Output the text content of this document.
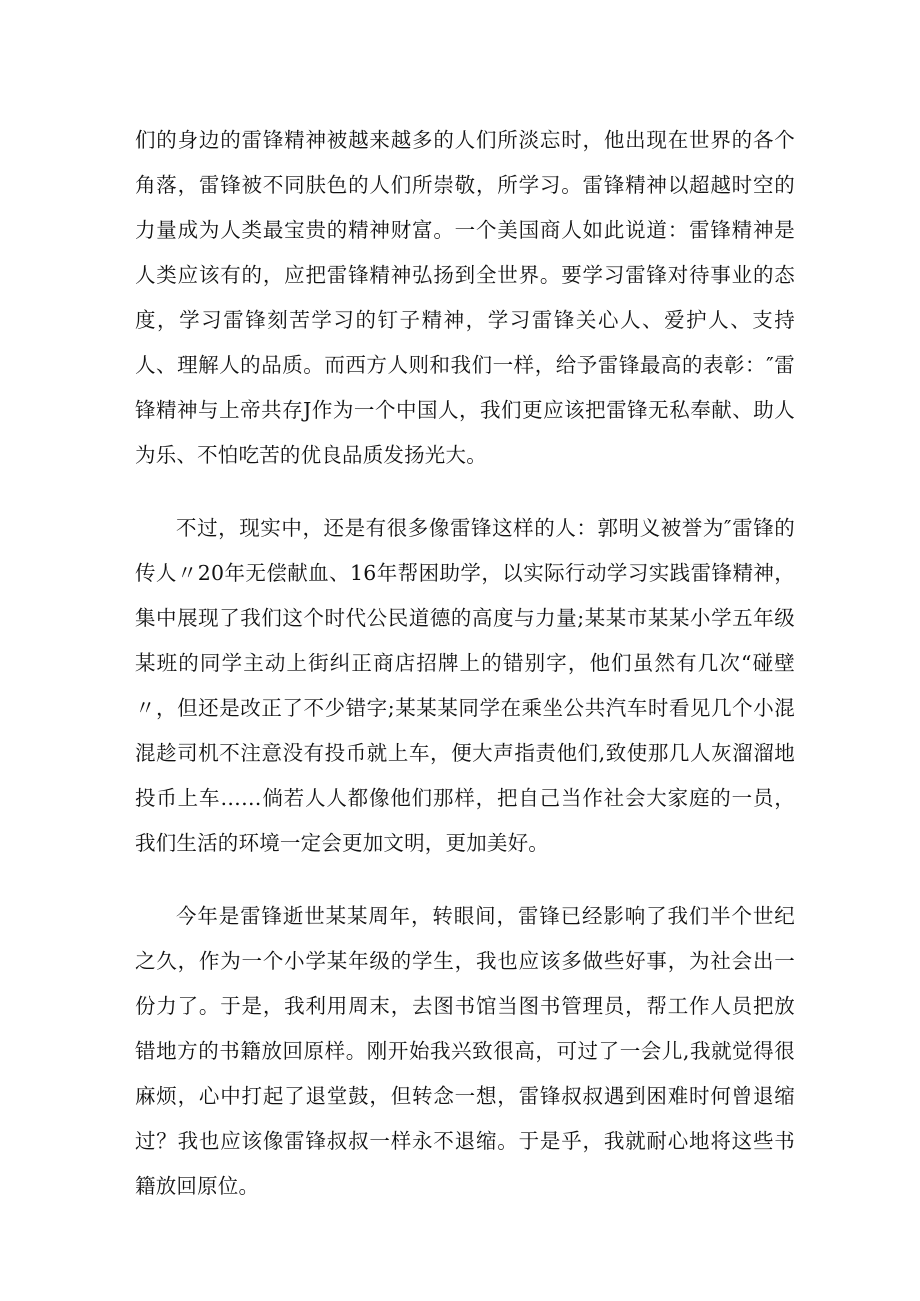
们的身边的雷锋精神被越来越多的人们所淡忘时，他出现在世界的各个角落，雷锋被不同肤色的人们所崇敬，所学习。雷锋精神以超越时空的力量成为人类最宝贵的精神财富。一个美国商人如此说道：雷锋精神是人类应该有的，应把雷锋精神弘扬到全世界。要学习雷锋对待事业的态度，学习雷锋刻苦学习的钉子精神，学习雷锋关心人、爱护人、支持人、理解人的品质。而西方人则和我们一样，给予雷锋最高的表彰：″雷锋精神与上帝共存J作为一个中国人，我们更应该把雷锋无私奉献、助人为乐、不怕吃苦的优良品质发扬光大。

不过，现实中，还是有很多像雷锋这样的人：郭明义被誉为″雷锋的传人〃20年无偿献血、16年帮困助学，以实际行动学习实践雷锋精神，集中展现了我们这个时代公民道德的高度与力量;某某市某某小学五年级某班的同学主动上街纠正商店招牌上的错别字，他们虽然有几次“碰壁〃，但还是改正了不少错字;某某某同学在乘坐公共汽车时看见几个小混混趁司机不注意没有投币就上车，便大声指责他们,致使那几人灰溜溜地投币上车……倘若人人都像他们那样，把自己当作社会大家庭的一员，我们生活的环境一定会更加文明，更加美好。

今年是雷锋逝世某某周年，转眼间，雷锋已经影响了我们半个世纪之久，作为一个小学某年级的学生，我也应该多做些好事，为社会出一份力了。于是，我利用周末，去图书馆当图书管理员，帮工作人员把放错地方的书籍放回原样。刚开始我兴致很高，可过了一会儿,我就觉得很麻烦，心中打起了退堂鼓，但转念一想，雷锋叔叔遇到困难时何曾退缩过？我也应该像雷锋叔叔一样永不退缩。于是乎，我就耐心地将这些书籍放回原位。
